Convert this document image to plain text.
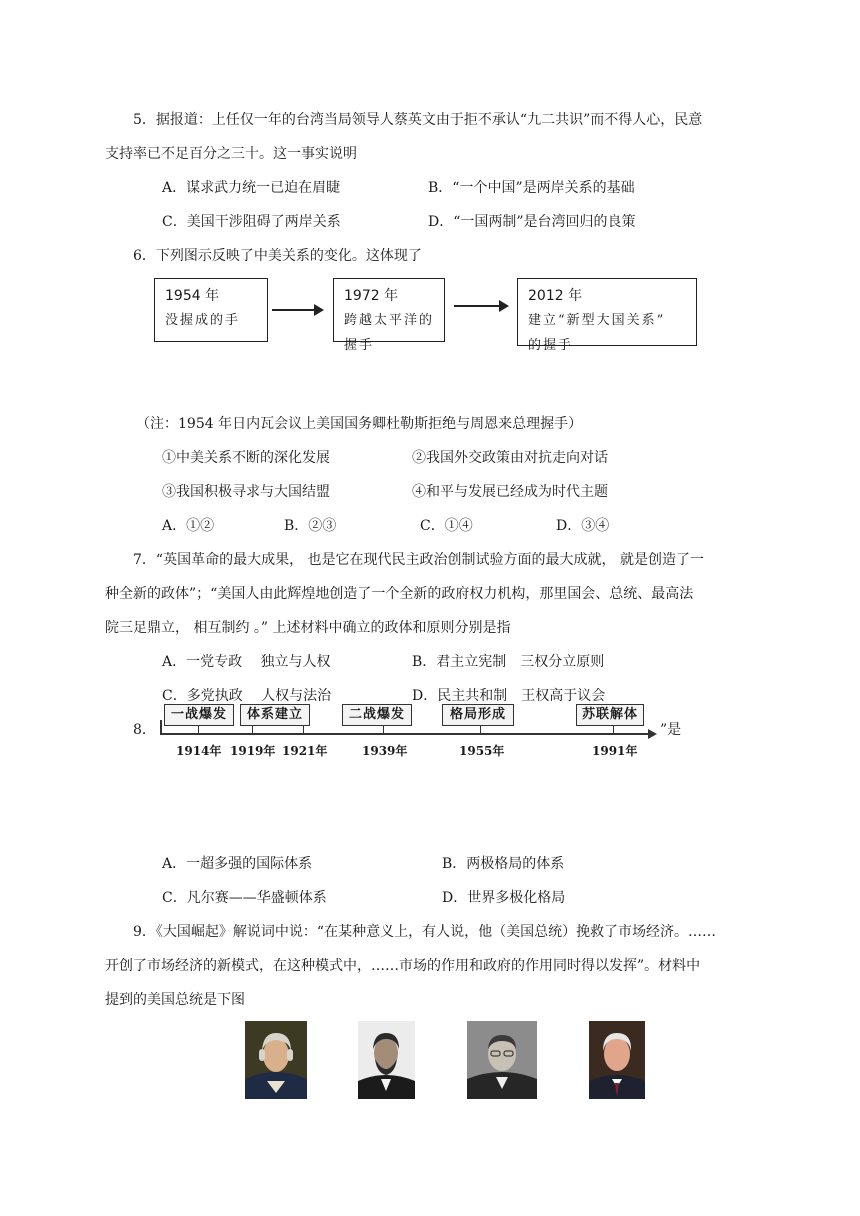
5．据报道：上任仅一年的台湾当局领导人蔡英文由于拒不承认“九二共识”而不得人心，民意
支持率已不足百分之三十。这一事实说明
A．谋求武力统一已迫在眉睫	B．“一个中国”是两岸关系的基础
C．美国干涉阻碍了两岸关系	D．“一国两制”是台湾回归的良策
6．下列图示反映了中美关系的变化。这体现了
1954 年
没握成的手
1972 年
跨越太平洋的
握手
2012 年
建立“新型大国关系”
的握手
（注：1954 年日内瓦会议上美国国务卿杜勒斯拒绝与周恩来总理握手）
①中美关系不断的深化发展	②我国外交政策由对抗走向对话
③我国积极寻求与大国结盟	④和平与发展已经成为时代主题
A．①②	B．②③	C．①④	D．③④
7．“英国革命的最大成果， 也是它在现代民主政治创制试验方面的最大成就， 就是创造了一
种全新的政体”；“美国人由此辉煌地创造了一个全新的政府权力机构，那里国会、总统、最高法
院三足鼎立， 相互制约 。” 上述材料中确立的政体和原则分别是指
A．一党专政　 独立与人权	B．君主立宪制　三权分立原则
C．多党执政　 人权与法治	D．民主共和制　王权高于议会
8．	”是
一战爆发	体系建立	二战爆发	格局形成	苏联解体
1914年 1919年 1921年	1939年	1955年	1991年
A．一超多强的国际体系	B．两极格局的体系
C．凡尔赛——华盛顿体系	D．世界多极化格局
9．《大国崛起》解说词中说：“在某种意义上，有人说，他（美国总统）挽救了市场经济。……
开创了市场经济的新模式，在这种模式中，……市场的作用和政府的作用同时得以发挥”。材料中
提到的美国总统是下图
